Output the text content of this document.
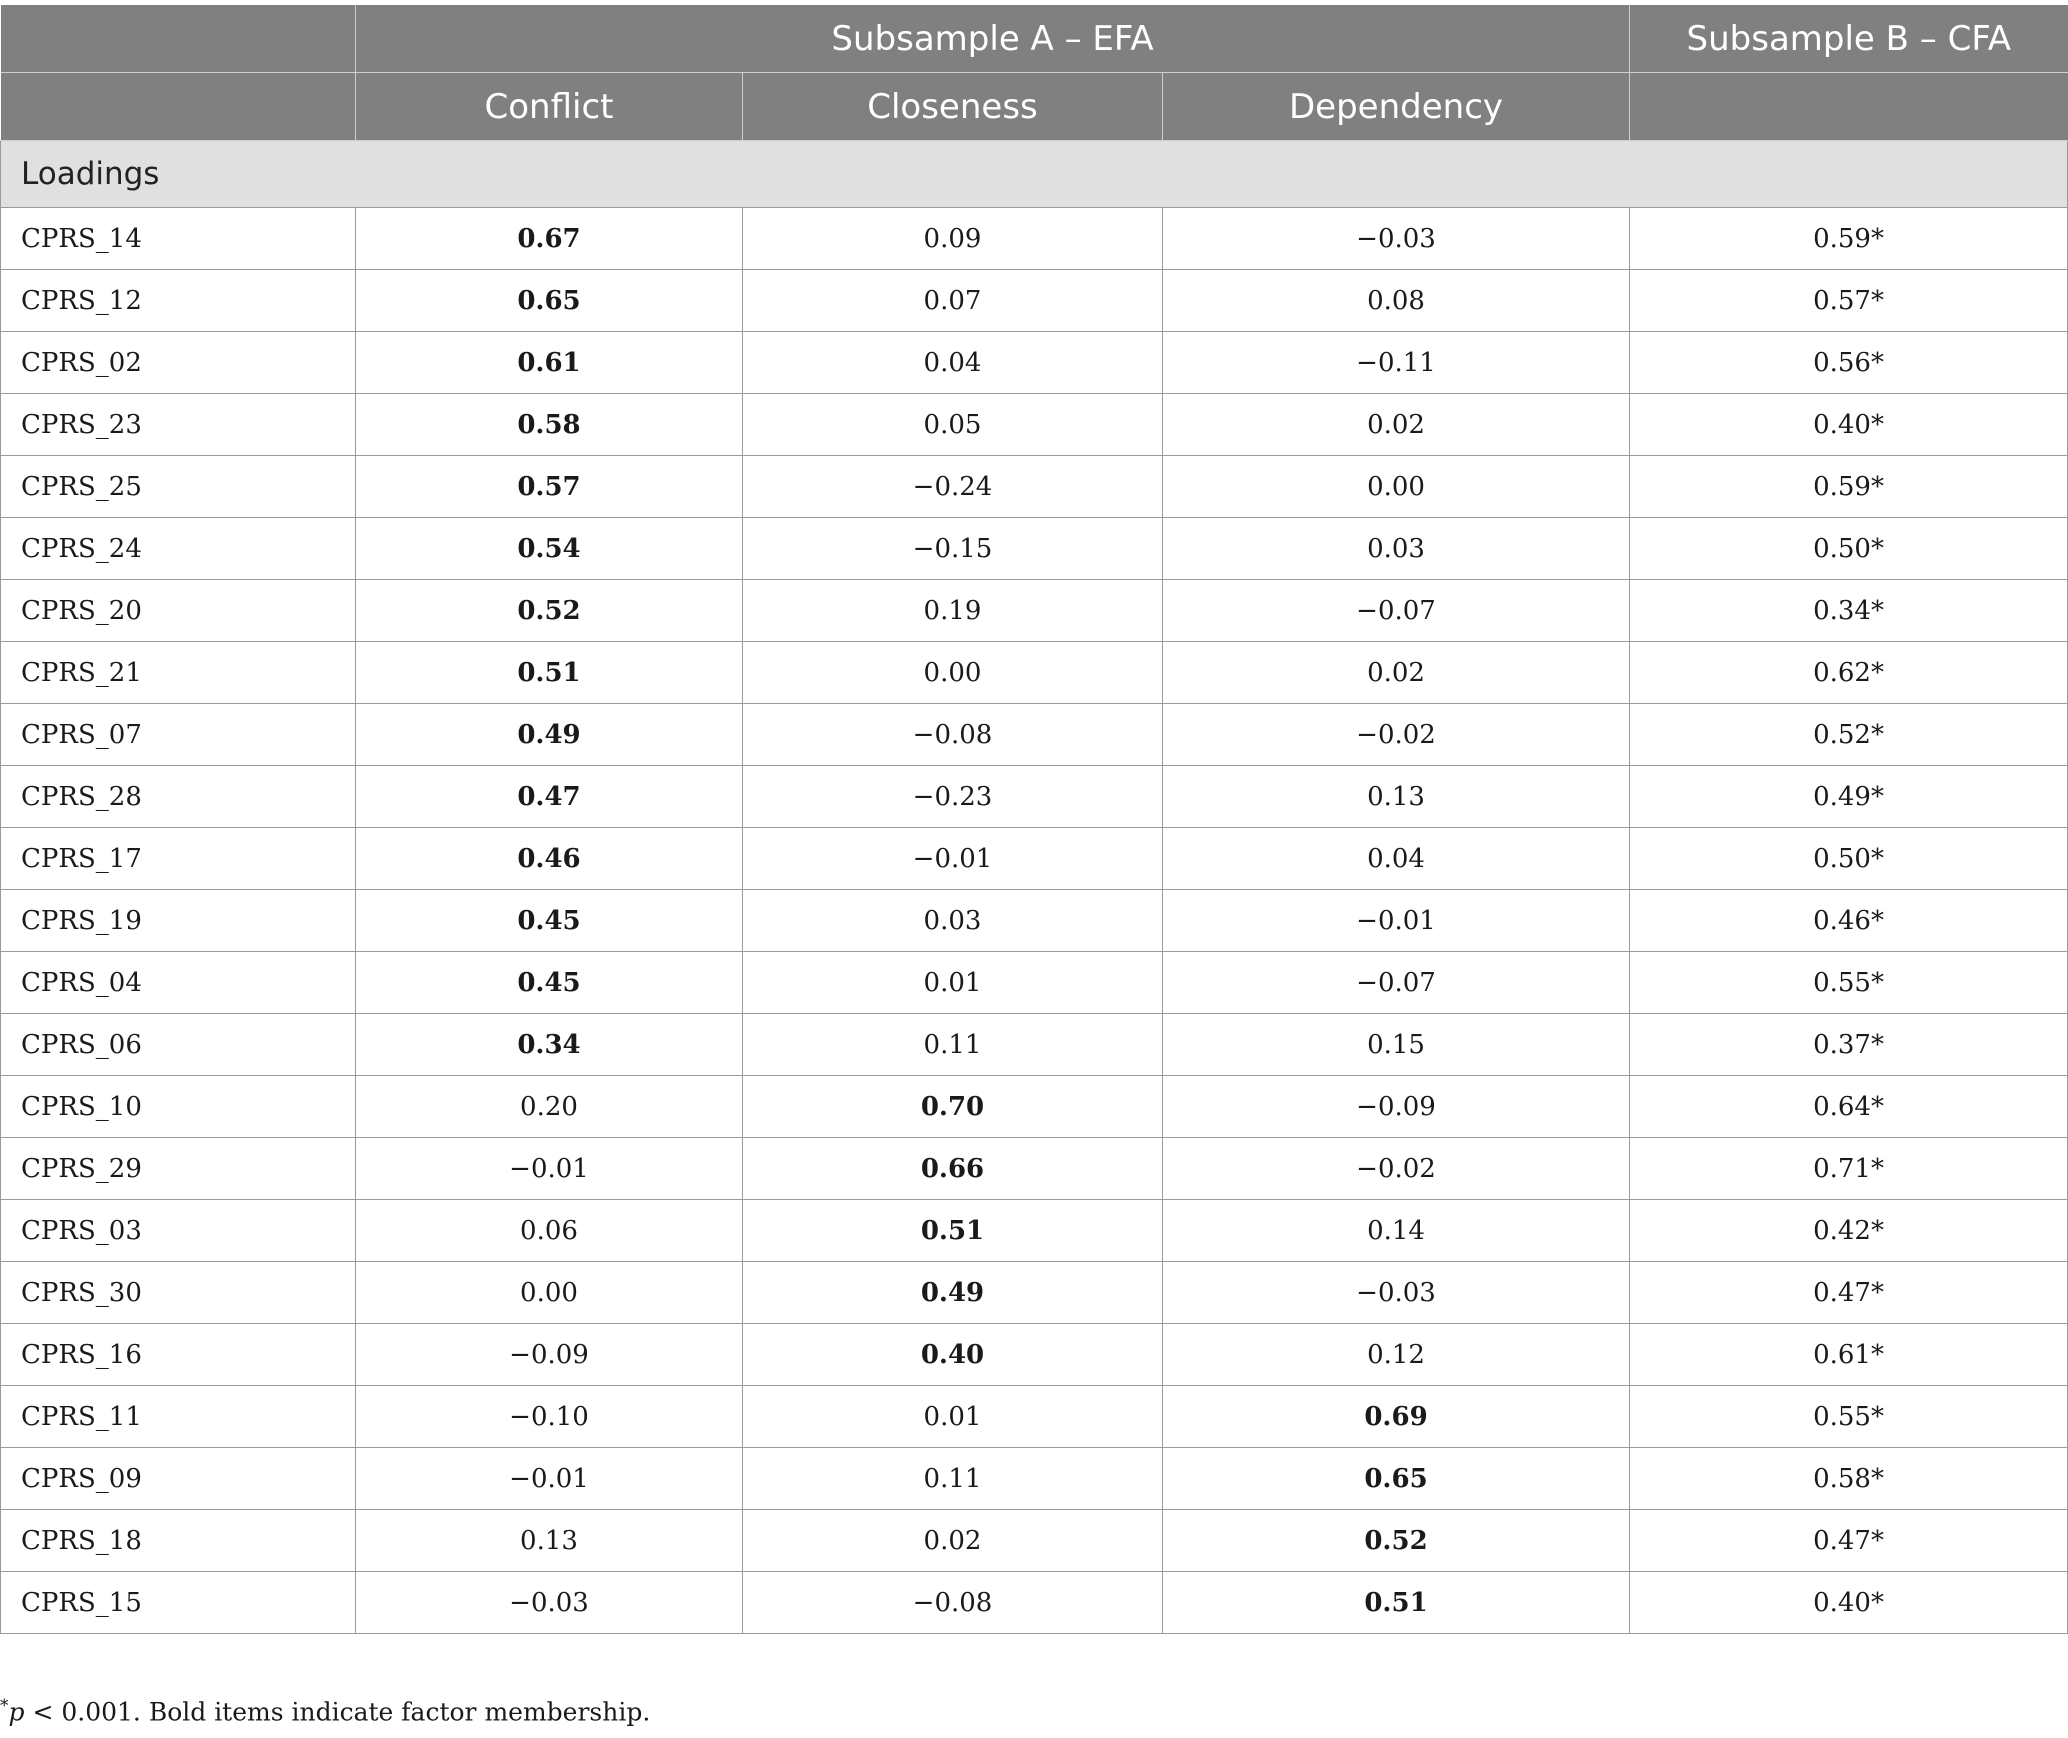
	Subsample A – EFA			Subsample B – CFA
	Conflict	Closeness	Dependency	
Loadings				
CPRS_14	0.67	0.09	−0.03	0.59*
CPRS_12	0.65	0.07	0.08	0.57*
CPRS_02	0.61	0.04	−0.11	0.56*
CPRS_23	0.58	0.05	0.02	0.40*
CPRS_25	0.57	−0.24	0.00	0.59*
CPRS_24	0.54	−0.15	0.03	0.50*
CPRS_20	0.52	0.19	−0.07	0.34*
CPRS_21	0.51	0.00	0.02	0.62*
CPRS_07	0.49	−0.08	−0.02	0.52*
CPRS_28	0.47	−0.23	0.13	0.49*
CPRS_17	0.46	−0.01	0.04	0.50*
CPRS_19	0.45	0.03	−0.01	0.46*
CPRS_04	0.45	0.01	−0.07	0.55*
CPRS_06	0.34	0.11	0.15	0.37*
CPRS_10	0.20	0.70	−0.09	0.64*
CPRS_29	−0.01	0.66	−0.02	0.71*
CPRS_03	0.06	0.51	0.14	0.42*
CPRS_30	0.00	0.49	−0.03	0.47*
CPRS_16	−0.09	0.40	0.12	0.61*
CPRS_11	−0.10	0.01	0.69	0.55*
CPRS_09	−0.01	0.11	0.65	0.58*
CPRS_18	0.13	0.02	0.52	0.47*
CPRS_15	−0.03	−0.08	0.51	0.40*
*p < 0.001. Bold items indicate factor membership.
